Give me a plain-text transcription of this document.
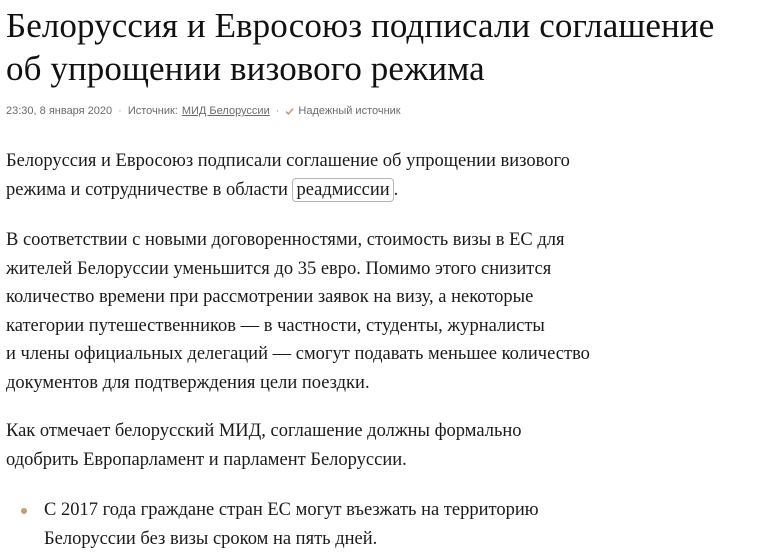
Белоруссия и Евросоюз подписали соглашение
об упрощении визового режима
23:30, 8 января 2020 · Источник: МИД Белоруссии · Надежный источник

Белоруссия и Евросоюз подписали соглашение об упрощении визового
режима и сотрудничестве в области реадмиссии .

В соответствии с новыми договоренностями, стоимость визы в ЕС для
жителей Белоруссии уменьшится до 35 евро. Помимо этого снизится
количество времени при рассмотрении заявок на визу, а некоторые
категории путешественников — в частности, студенты, журналисты
и члены официальных делегаций — смогут подавать меньшее количество
документов для подтверждения цели поездки.

Как отмечает белорусский МИД, соглашение должны формально
одобрить Европарламент и парламент Белоруссии.

С 2017 года граждане стран ЕС могут въезжать на территорию
Белоруссии без визы сроком на пять дней.
